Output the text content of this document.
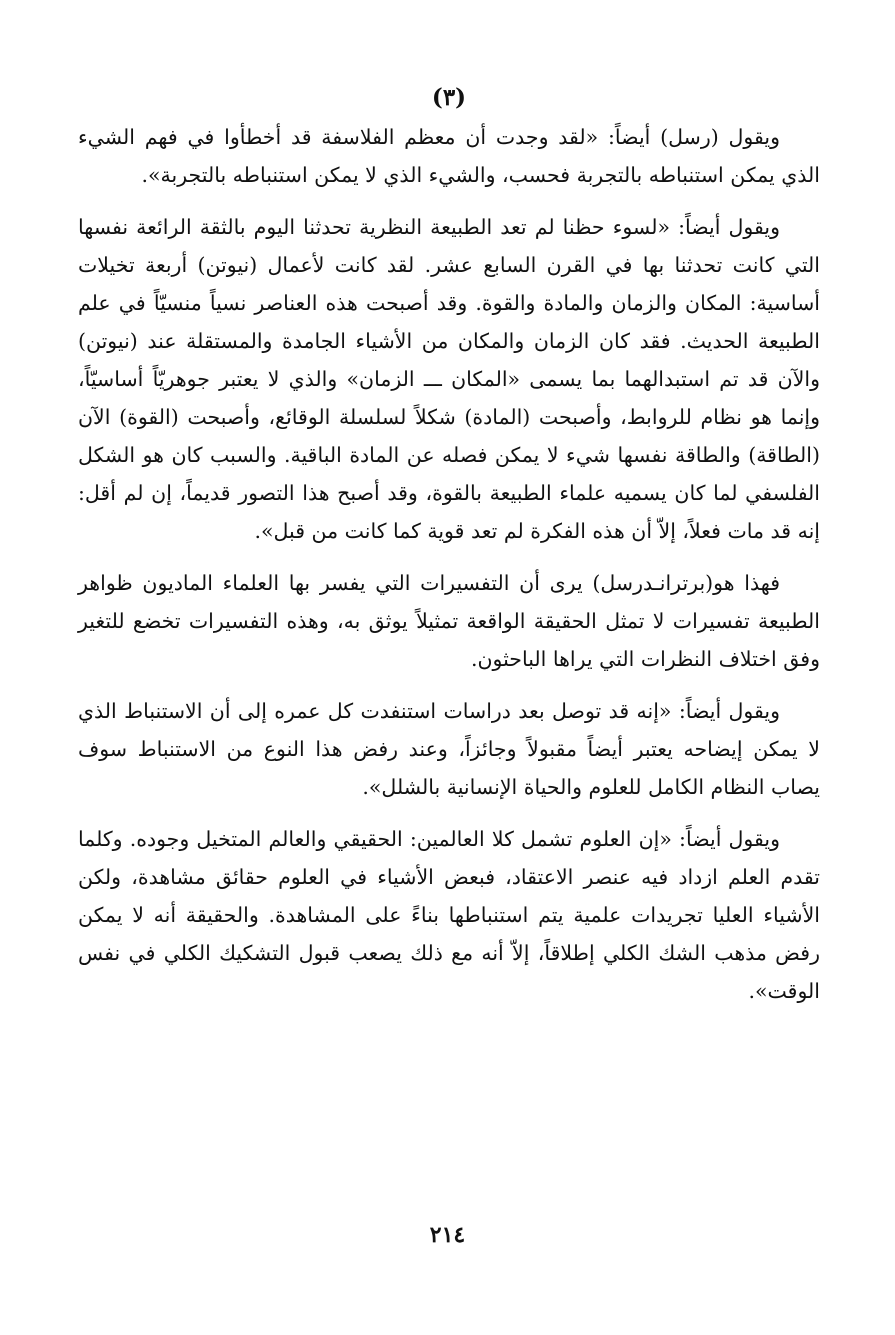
(٣)

ويقول (رسل) أيضاً: «لقد وجدت أن معظم الفلاسفة قد أخطأوا في فهم الشيء الذي يمكن استنباطه بالتجربة فحسب، والشيء الذي لا يمكن استنباطه بالتجربة».

ويقول أيضاً: «لسوء حظنا لم تعد الطبيعة النظرية تحدثنا اليوم بالثقة الرائعة نفسها التي كانت تحدثنا بها في القرن السابع عشر. لقد كانت لأعمال (نيوتن) أربعة تخيلات أساسية: المكان والزمان والمادة والقوة. وقد أصبحت هذه العناصر نسياً منسيّاً في علم الطبيعة الحديث. فقد كان الزمان والمكان من الأشياء الجامدة والمستقلة عند (نيوتن) والآن قد تم استبدالهما بما يسمى «المكان ـــ الزمان» والذي لا يعتبر جوهريّاً أساسيّاً، وإنما هو نظام للروابط، وأصبحت (المادة) شكلاً لسلسلة الوقائع، وأصبحت (القوة) الآن (الطاقة) والطاقة نفسها شيء لا يمكن فصله عن المادة الباقية. والسبب كان هو الشكل الفلسفي لما كان يسميه علماء الطبيعة بالقوة، وقد أصبح هذا التصور قديماً، إن لم أقل: إنه قد مات فعلاً، إلاّ أن هذه الفكرة لم تعد قوية كما كانت من قبل».

فهذا هو(برترانـدرسل) يرى أن التفسيرات التي يفسر بها العلماء الماديون ظواهر الطبيعة تفسيرات لا تمثل الحقيقة الواقعة تمثيلاً يوثق به، وهذه التفسيرات تخضع للتغير وفق اختلاف النظرات التي يراها الباحثون.

ويقول أيضاً: «إنه قد توصل بعد دراسات استنفدت كل عمره إلى أن الاستنباط الذي لا يمكن إيضاحه يعتبر أيضاً مقبولاً وجائزاً، وعند رفض هذا النوع من الاستنباط سوف يصاب النظام الكامل للعلوم والحياة الإنسانية بالشلل».

ويقول أيضاً: «إن العلوم تشمل كلا العالمين: الحقيقي والعالم المتخيل وجوده. وكلما تقدم العلم ازداد فيه عنصر الاعتقاد، فبعض الأشياء في العلوم حقائق مشاهدة، ولكن الأشياء العليا تجريدات علمية يتم استنباطها بناءً على المشاهدة. والحقيقة أنه لا يمكن رفض مذهب الشك الكلي إطلاقاً، إلاّ أنه مع ذلك يصعب قبول التشكيك الكلي في نفس الوقت».

٢١٤
